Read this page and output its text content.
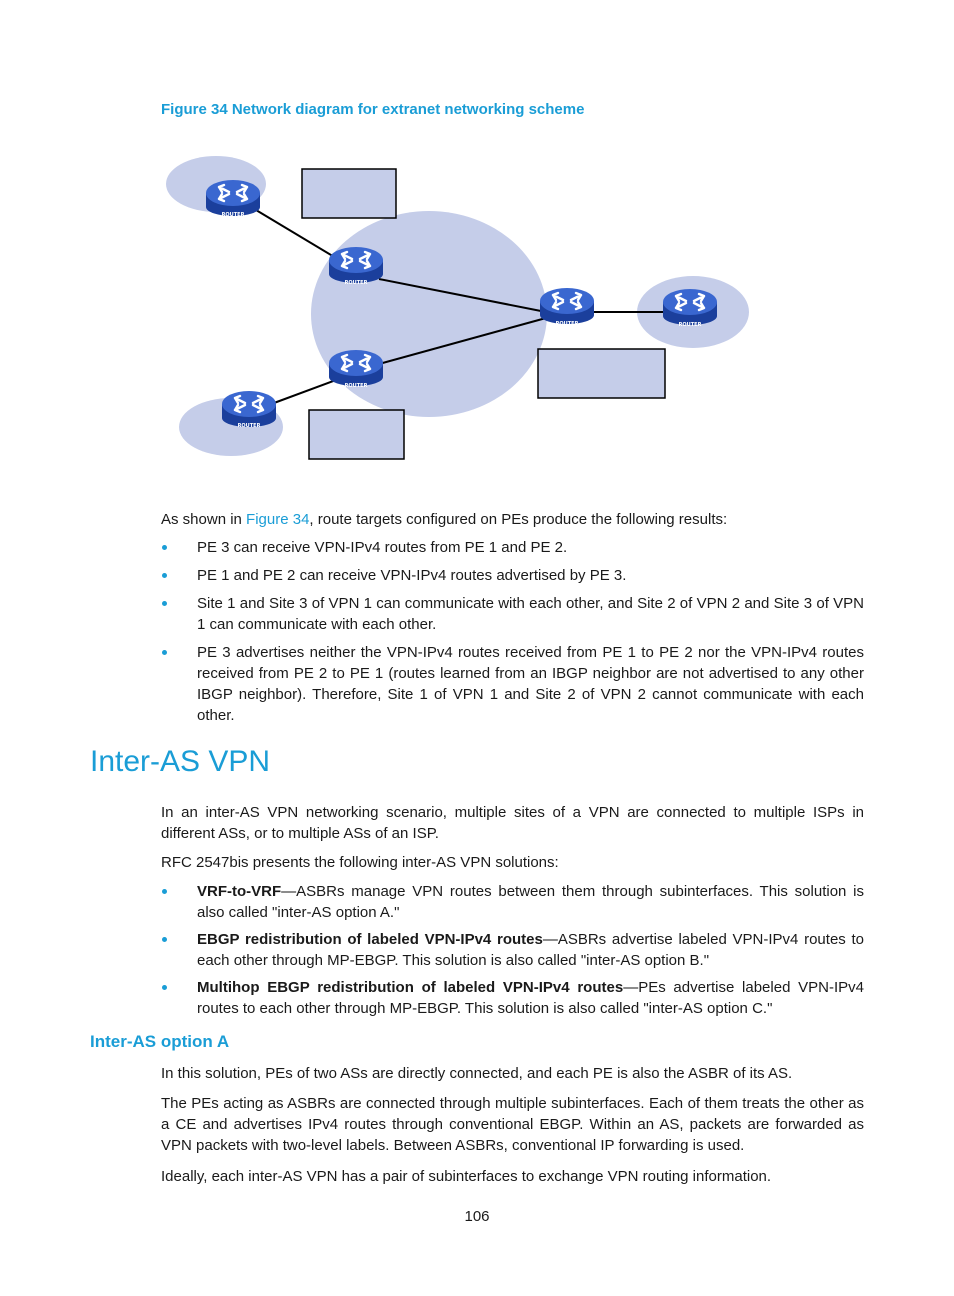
Figure 34 Network diagram for extranet networking scheme
ROUTER
ROUTER
ROUTER	ROUTER
ROUTER
ROUTER

As shown in Figure 34, route targets configured on PEs produce the following results:

PE 3 can receive VPN-IPv4 routes from PE 1 and PE 2.
PE 1 and PE 2 can receive VPN-IPv4 routes advertised by PE 3.
Site 1 and Site 3 of VPN 1 can communicate with each other, and Site 2 of VPN 2 and Site 3 of VPN 1 can communicate with each other.
PE 3 advertises neither the VPN-IPv4 routes received from PE 1 to PE 2 nor the VPN-IPv4 routes received from PE 2 to PE 1 (routes learned from an IBGP neighbor are not advertised to any other IBGP neighbor). Therefore, Site 1 of VPN 1 and Site 2 of VPN 2 cannot communicate with each other.
Inter-AS VPN

In an inter-AS VPN networking scenario, multiple sites of a VPN are connected to multiple ISPs in different ASs, or to multiple ASs of an ISP.

RFC 2547bis presents the following inter-AS VPN solutions:

VRF-to-VRF—ASBRs manage VPN routes between them through subinterfaces. This solution is also called "inter-AS option A."
EBGP redistribution of labeled VPN-IPv4 routes—ASBRs advertise labeled VPN-IPv4 routes to each other through MP-EBGP. This solution is also called "inter-AS option B."
Multihop EBGP redistribution of labeled VPN-IPv4 routes—PEs advertise labeled VPN-IPv4 routes to each other through MP-EBGP. This solution is also called "inter-AS option C."
Inter-AS option A

In this solution, PEs of two ASs are directly connected, and each PE is also the ASBR of its AS.

The PEs acting as ASBRs are connected through multiple subinterfaces. Each of them treats the other as a CE and advertises IPv4 routes through conventional EBGP. Within an AS, packets are forwarded as VPN packets with two-level labels. Between ASBRs, conventional IP forwarding is used.

Ideally, each inter-AS VPN has a pair of subinterfaces to exchange VPN routing information.

106
